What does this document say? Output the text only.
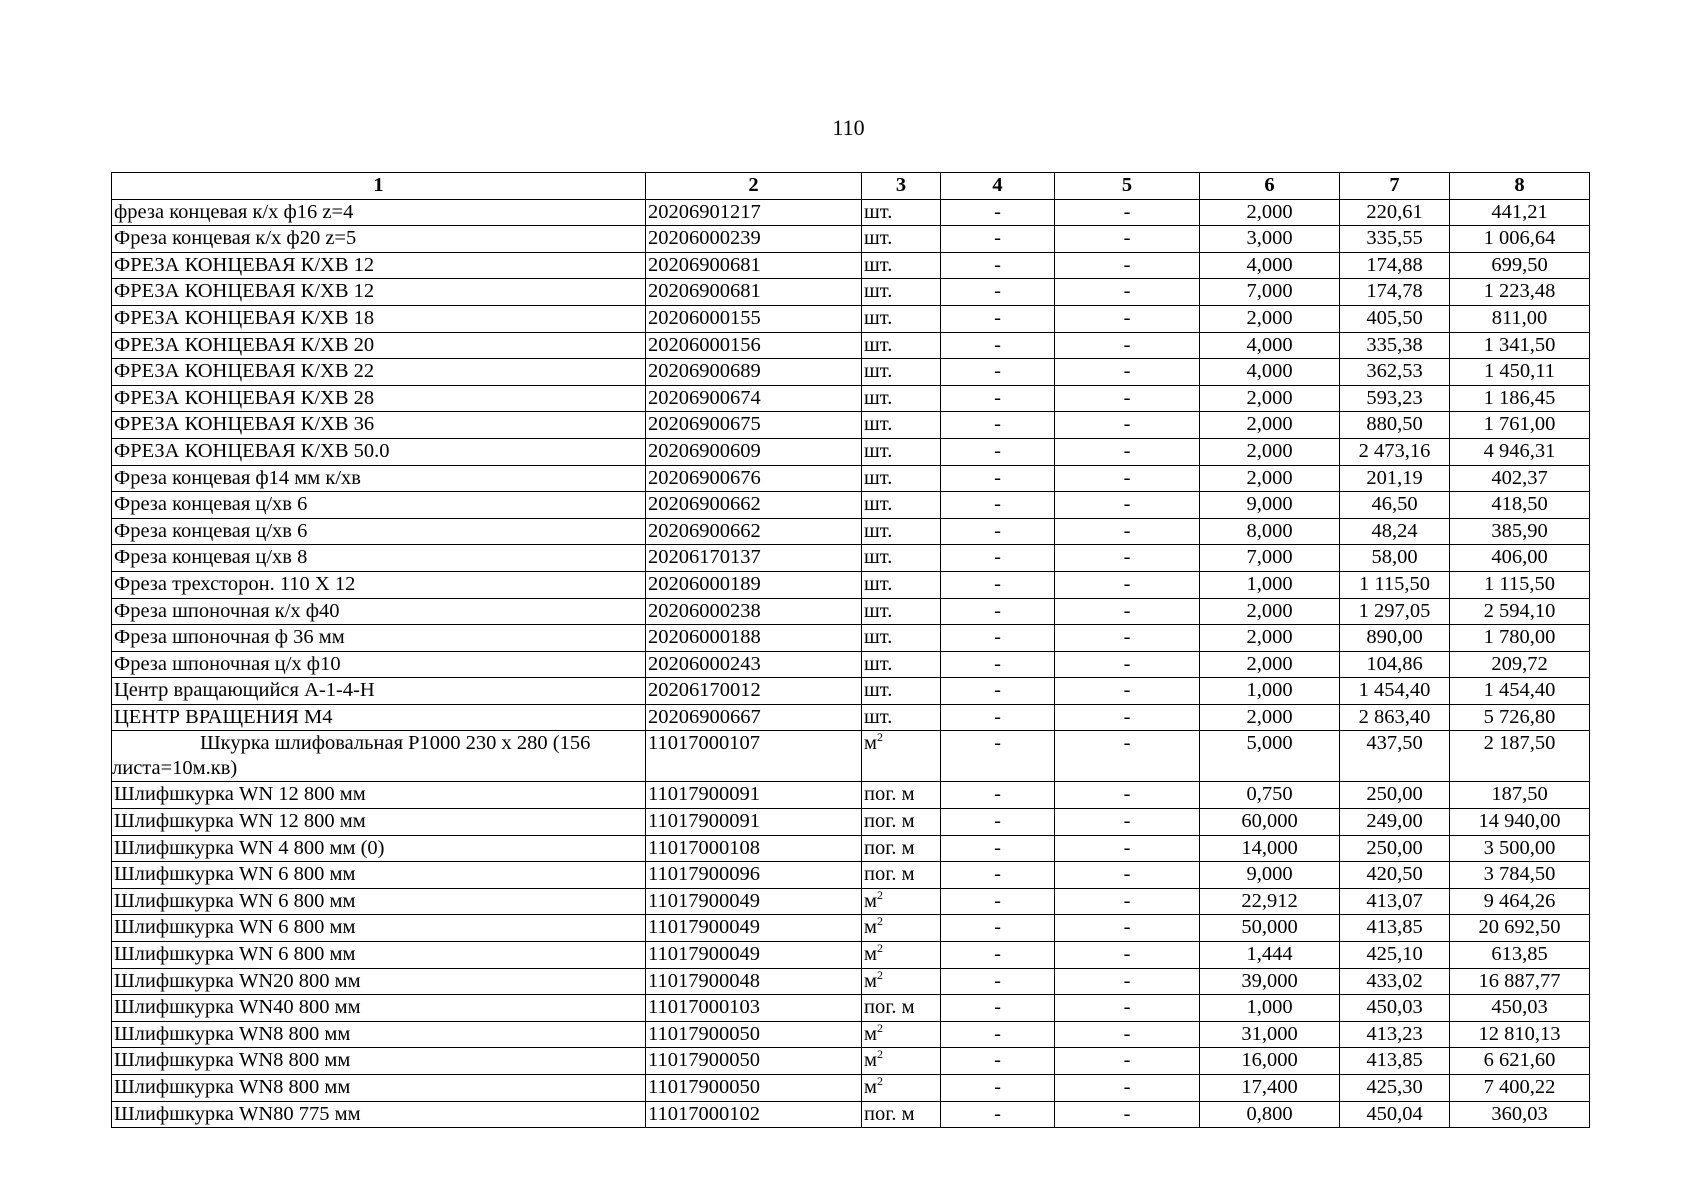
110
1	2	3	4	5	6	7	8
фреза концевая к/х ф16 z=4	20206901217	шт.	-	-	2,000	220,61	441,21
Фреза концевая к/х ф20 z=5	20206000239	шт.	-	-	3,000	335,55	1 006,64
ФРЕЗА КОНЦЕВАЯ К/ХВ 12	20206900681	шт.	-	-	4,000	174,88	699,50
ФРЕЗА КОНЦЕВАЯ К/ХВ 12	20206900681	шт.	-	-	7,000	174,78	1 223,48
ФРЕЗА КОНЦЕВАЯ К/ХВ 18	20206000155	шт.	-	-	2,000	405,50	811,00
ФРЕЗА КОНЦЕВАЯ К/ХВ 20	20206000156	шт.	-	-	4,000	335,38	1 341,50
ФРЕЗА КОНЦЕВАЯ К/ХВ 22	20206900689	шт.	-	-	4,000	362,53	1 450,11
ФРЕЗА КОНЦЕВАЯ К/ХВ 28	20206900674	шт.	-	-	2,000	593,23	1 186,45
ФРЕЗА КОНЦЕВАЯ К/ХВ 36	20206900675	шт.	-	-	2,000	880,50	1 761,00
ФРЕЗА КОНЦЕВАЯ К/ХВ 50.0	20206900609	шт.	-	-	2,000	2 473,16	4 946,31
Фреза концевая ф14 мм к/хв	20206900676	шт.	-	-	2,000	201,19	402,37
Фреза концевая ц/хв 6	20206900662	шт.	-	-	9,000	46,50	418,50
Фреза концевая ц/хв 6	20206900662	шт.	-	-	8,000	48,24	385,90
Фреза концевая ц/хв 8	20206170137	шт.	-	-	7,000	58,00	406,00
Фреза трехсторон. 110 Х 12	20206000189	шт.	-	-	1,000	1 115,50	1 115,50
Фреза шпоночная к/х ф40	20206000238	шт.	-	-	2,000	1 297,05	2 594,10
Фреза шпоночная ф 36 мм	20206000188	шт.	-	-	2,000	890,00	1 780,00
Фреза шпоночная ц/х ф10	20206000243	шт.	-	-	2,000	104,86	209,72
Центр вращающийся А-1-4-Н	20206170012	шт.	-	-	1,000	1 454,40	1 454,40
ЦЕНТР ВРАЩЕНИЯ М4	20206900667	шт.	-	-	2,000	2 863,40	5 726,80
Шкурка шлифовальная Р1000 230 х 280 (156 листа=10м.кв)	11017000107	$м^2$	-	-	5,000	437,50	2 187,50
Шлифшкурка WN 12 800 мм	11017900091	пог. м	-	-	0,750	250,00	187,50
Шлифшкурка WN 12 800 мм	11017900091	пог. м	-	-	60,000	249,00	14 940,00
Шлифшкурка WN 4 800 мм (0)	11017000108	пог. м	-	-	14,000	250,00	3 500,00
Шлифшкурка WN 6 800 мм	11017900096	пог. м	-	-	9,000	420,50	3 784,50
Шлифшкурка WN 6 800 мм	11017900049	$м^2$	-	-	22,912	413,07	9 464,26
Шлифшкурка WN 6 800 мм	11017900049	$м^2$	-	-	50,000	413,85	20 692,50
Шлифшкурка WN 6 800 мм	11017900049	$м^2$	-	-	1,444	425,10	613,85
Шлифшкурка WN20 800 мм	11017900048	$м^2$	-	-	39,000	433,02	16 887,77
Шлифшкурка WN40 800 мм	11017000103	пог. м	-	-	1,000	450,03	450,03
Шлифшкурка WN8 800 мм	11017900050	$м^2$	-	-	31,000	413,23	12 810,13
Шлифшкурка WN8 800 мм	11017900050	$м^2$	-	-	16,000	413,85	6 621,60
Шлифшкурка WN8 800 мм	11017900050	$м^2$	-	-	17,400	425,30	7 400,22
Шлифшкурка WN80 775 мм	11017000102	пог. м	-	-	0,800	450,04	360,03
